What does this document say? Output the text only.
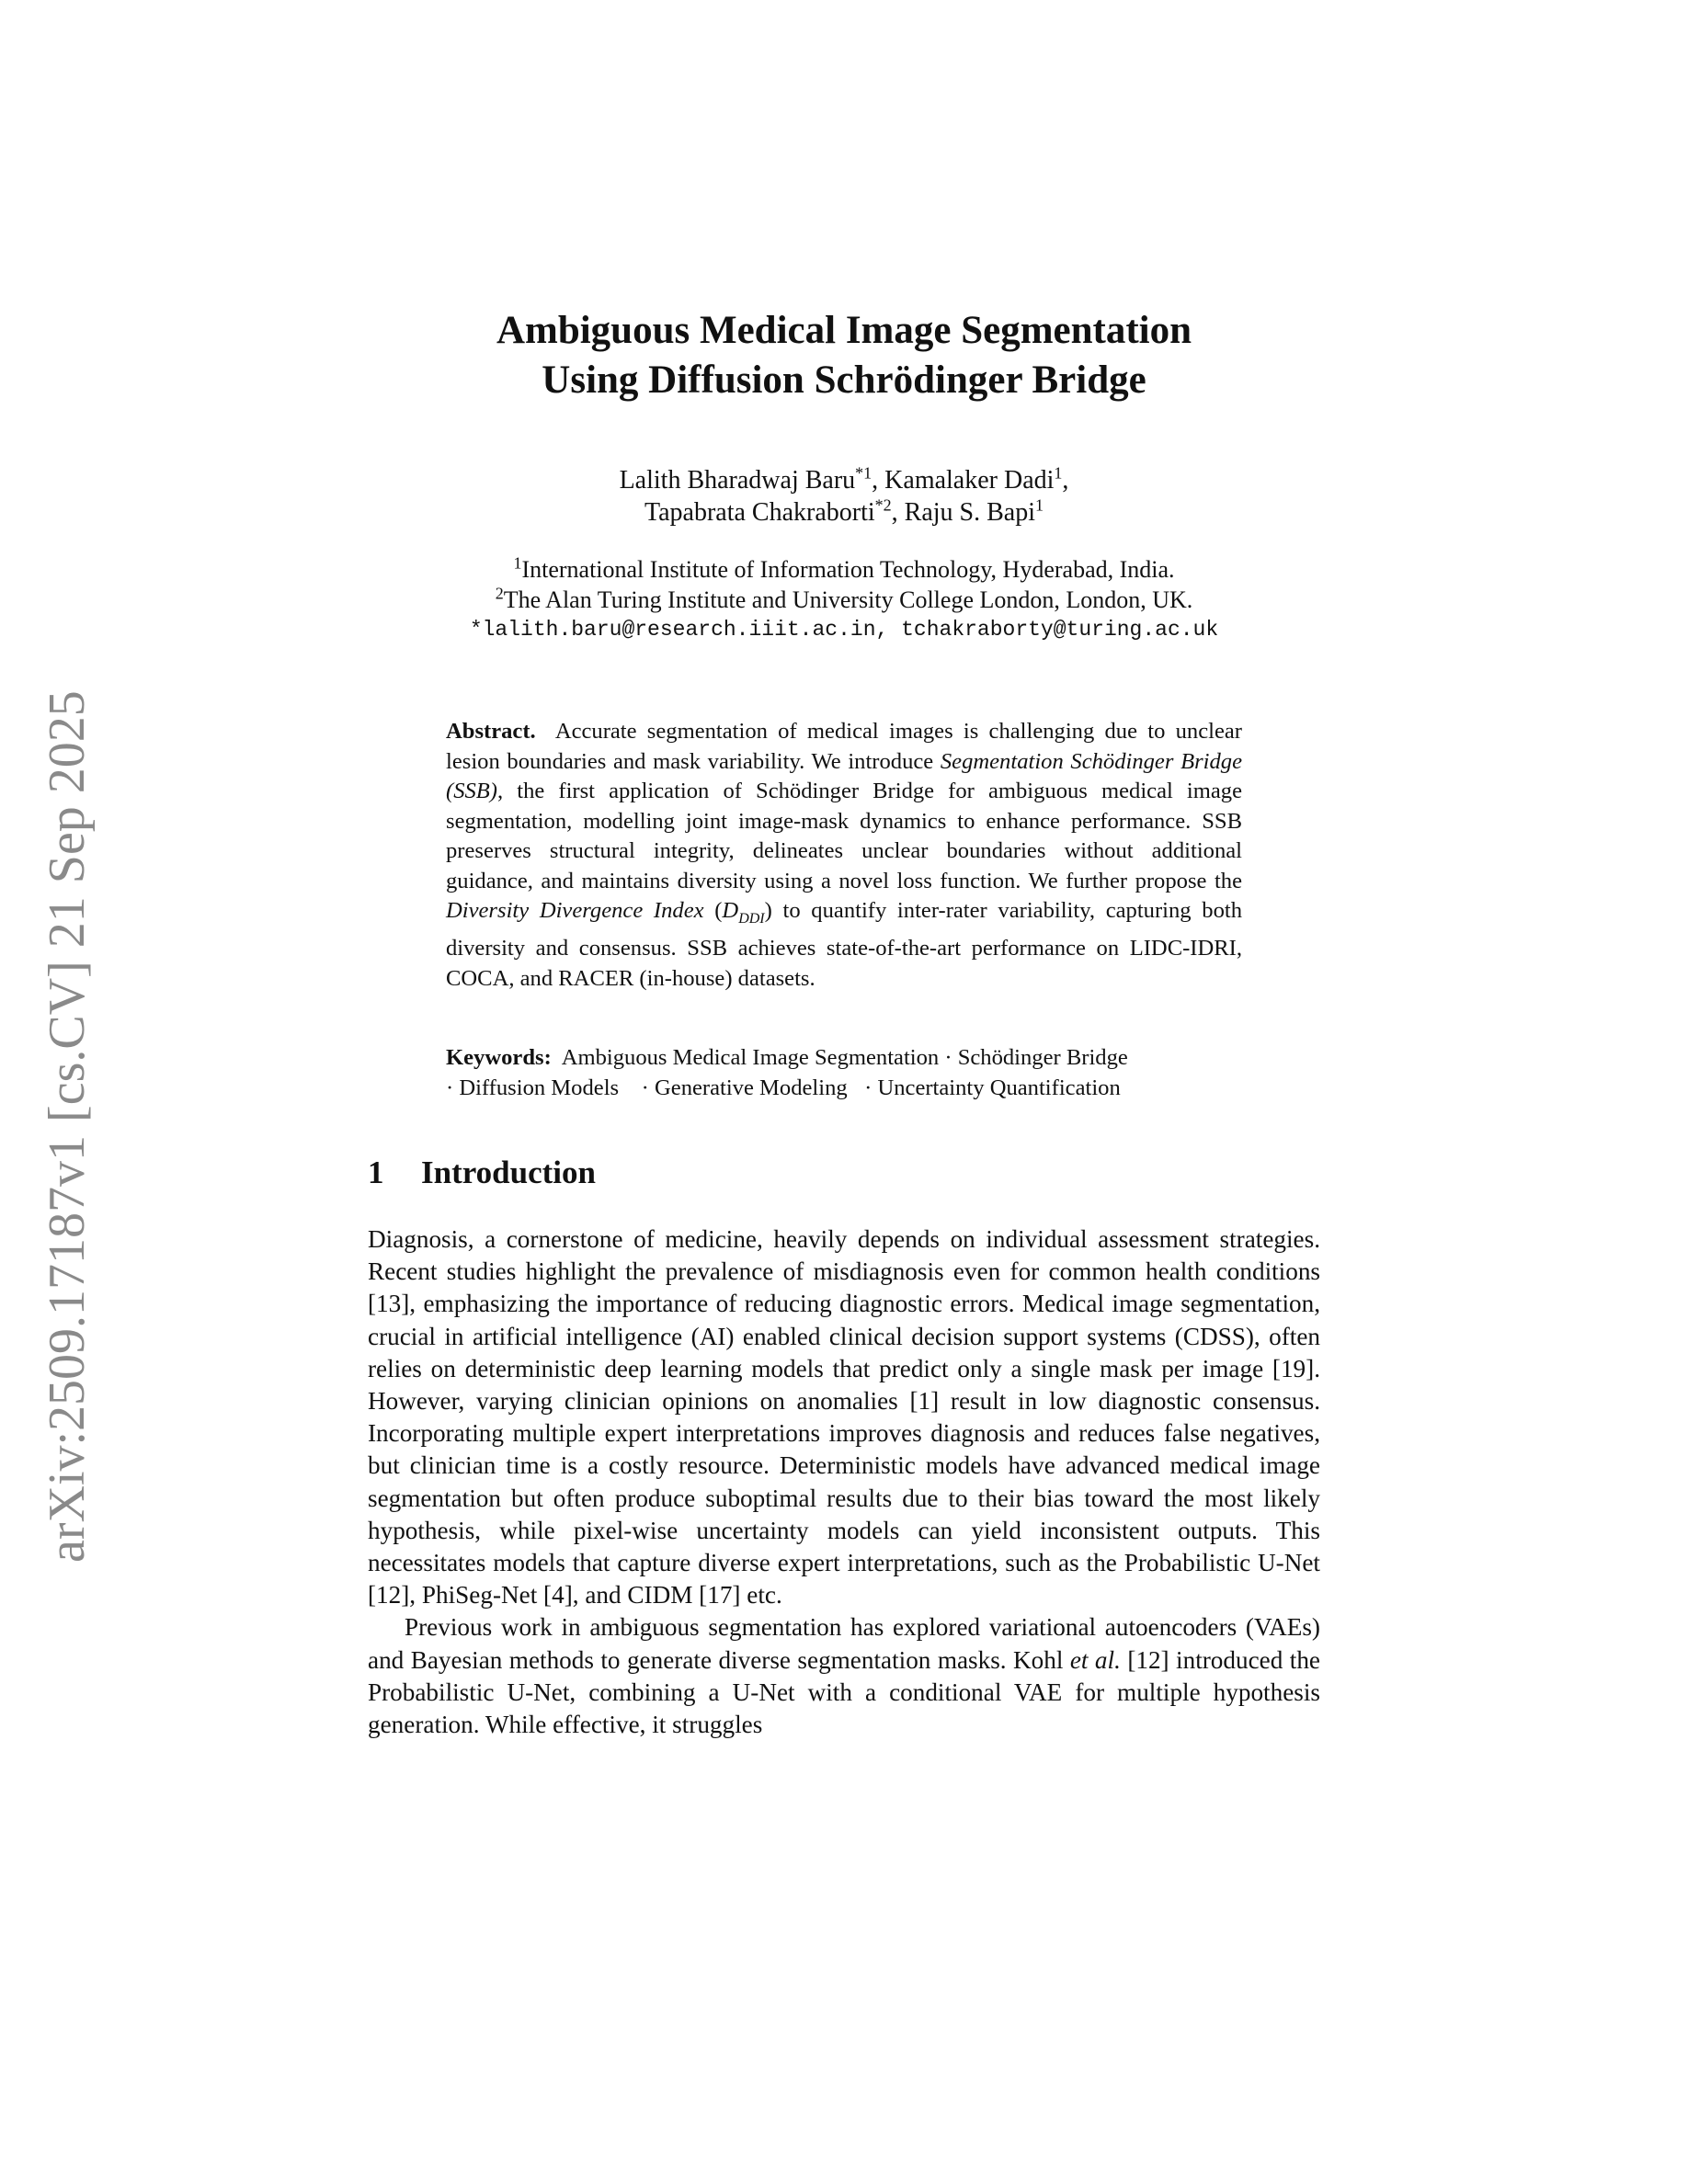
arXiv:2509.17187v1 [cs.CV] 21 Sep 2025
Ambiguous Medical Image Segmentation
Using Diffusion Schrödinger Bridge
Lalith Bharadwaj Baru$^{*1}$, Kamalaker Dadi$^1$,
Tapabrata Chakraborti$^{*2}$, Raju S. Bapi$^1$
$^1$International Institute of Information Technology, Hyderabad, India.
$^2$The Alan Turing Institute and University College London, London, UK.
*lalith.baru@research.iiit.ac.in, tchakraborty@turing.ac.uk
Abstract. Accurate segmentation of medical images is challenging due to unclear lesion boundaries and mask variability. We introduce Segmentation Schödinger Bridge (SSB), the first application of Schödinger Bridge for ambiguous medical image segmentation, modelling joint image-mask dynamics to enhance performance. SSB preserves structural integrity, delineates unclear boundaries without additional guidance, and maintains diversity using a novel loss function. We further propose the Diversity Divergence Index $(D_{DDI})$ to quantify inter-rater variability, capturing both diversity and consensus. SSB achieves state-of-the-art performance on LIDC-IDRI, COCA, and RACER (in-house) datasets.
Keywords: Ambiguous Medical Image Segmentation · Schödinger Bridge
· Diffusion Models    · Generative Modeling   · Uncertainty Quantification
1 Introduction

Diagnosis, a cornerstone of medicine, heavily depends on individual assessment strategies. Recent studies highlight the prevalence of misdiagnosis even for common health conditions [13], emphasizing the importance of reducing diagnostic errors. Medical image segmentation, crucial in artificial intelligence (AI) enabled clinical decision support systems (CDSS), often relies on deterministic deep learning models that predict only a single mask per image [19]. However, varying clinician opinions on anomalies [1] result in low diagnostic consensus. Incorporating multiple expert interpretations improves diagnosis and reduces false negatives, but clinician time is a costly resource. Deterministic models have advanced medical image segmentation but often produce suboptimal results due to their bias toward the most likely hypothesis, while pixel-wise uncertainty models can yield inconsistent outputs. This necessitates models that capture diverse expert interpretations, such as the Probabilistic U-Net [12], PhiSeg-Net [4], and CIDM [17] etc.

Previous work in ambiguous segmentation has explored variational autoencoders (VAEs) and Bayesian methods to generate diverse segmentation masks. Kohl et al. [12] introduced the Probabilistic U-Net, combining a U-Net with a conditional VAE for multiple hypothesis generation. While effective, it struggles
